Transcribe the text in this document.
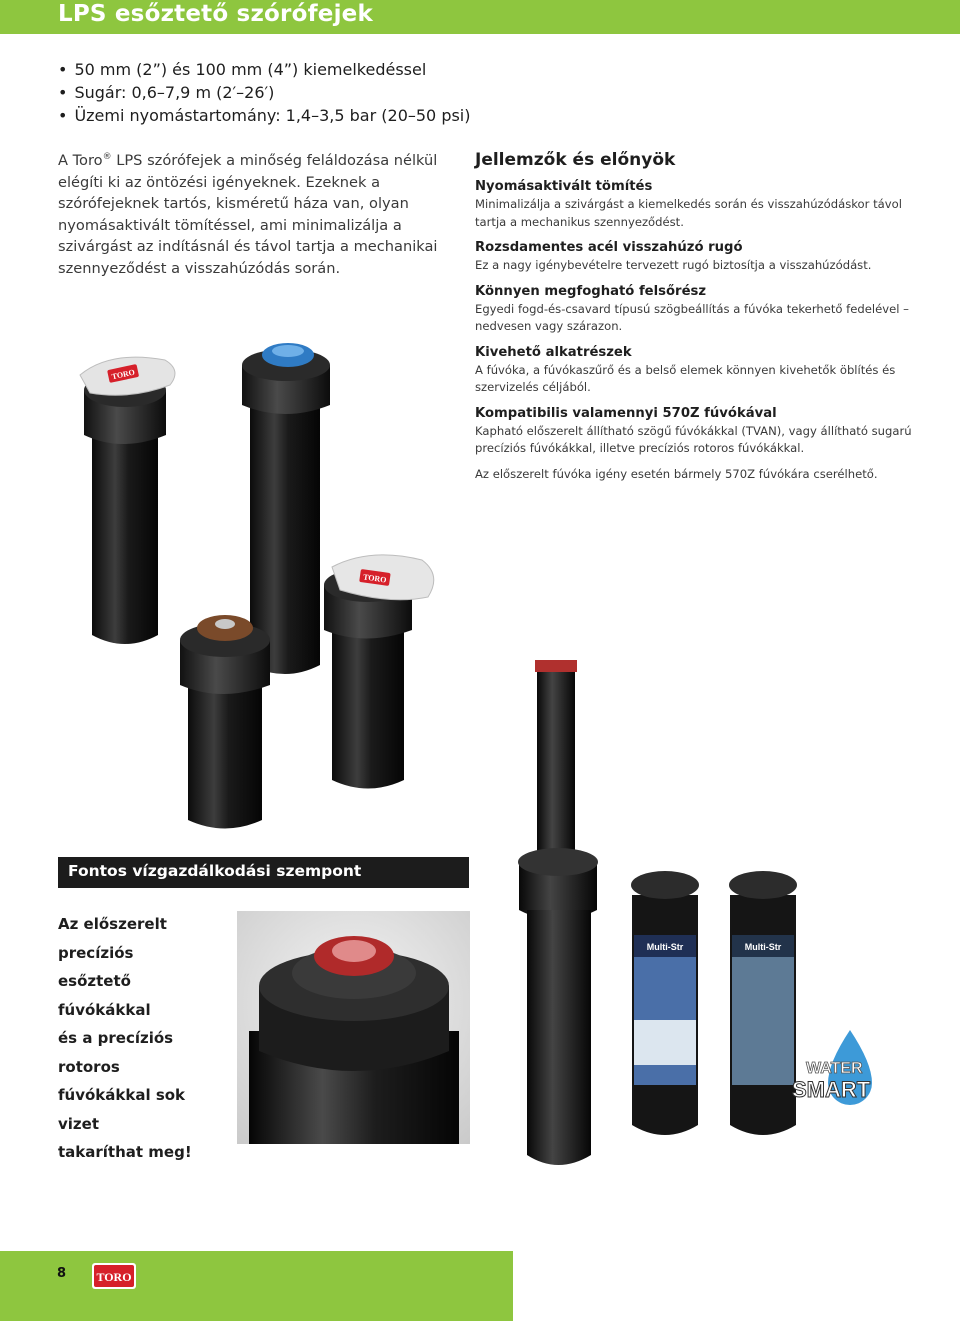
LPS esőztető szórófejek
• 50 mm (2”) és 100 mm (4”) kiemelkedéssel
• Sugár: 0,6–7,9 m (2′–26′)
• Üzemi nyomástartomány: 1,4–3,5 bar (20–50 psi)

A Toro® LPS szórófejek a minőség feláldozása nélkül elégíti ki az öntözési igényeknek. Ezeknek a szórófejeknek tartós, kisméretű háza van, olyan nyomásaktivált tömítéssel, ami minimalizálja a szivárgást az indításnál és távol tartja a mechanikai szennyeződést a visszahúzódás során.

Jellemzők és előnyök
Nyomásaktivált tömítés
Minimalizálja a szivárgást a kiemelkedés során és visszahúzódáskor távol tartja a mechanikus szennyeződést.
Rozsdamentes acél visszahúzó rugó
Ez a nagy igénybevételre tervezett rugó biztosítja a visszahúzódást.
Könnyen megfogható felsőrész
Egyedi fogd-és-csavard típusú szögbeállítás a fúvóka tekerhető fedelével – nedvesen vagy szárazon.
Kivehető alkatrészek
A fúvóka, a fúvókaszűrő és a belső elemek könnyen kivehetők öblítés és szervizelés céljából.
Kompatibilis valamennyi 570Z fúvókával
Kapható előszerelt állítható szögű fúvókákkal (TVAN), vagy állítható sugarú precíziós fúvókákkal, illetve precíziós rotoros fúvókákkal.
Az előszerelt fúvóka igény esetén bármely 570Z fúvókára cserélhető.
TORO
TORO
Multi-Str	Multi-Str
WATER
SMART
Fontos vízgazdálkodási szempont
Az előszerelt precíziós
esőztető fúvókákkal
és a precíziós rotoros
fúvókákkal sok vizet
takaríthat meg!
8	TORO
